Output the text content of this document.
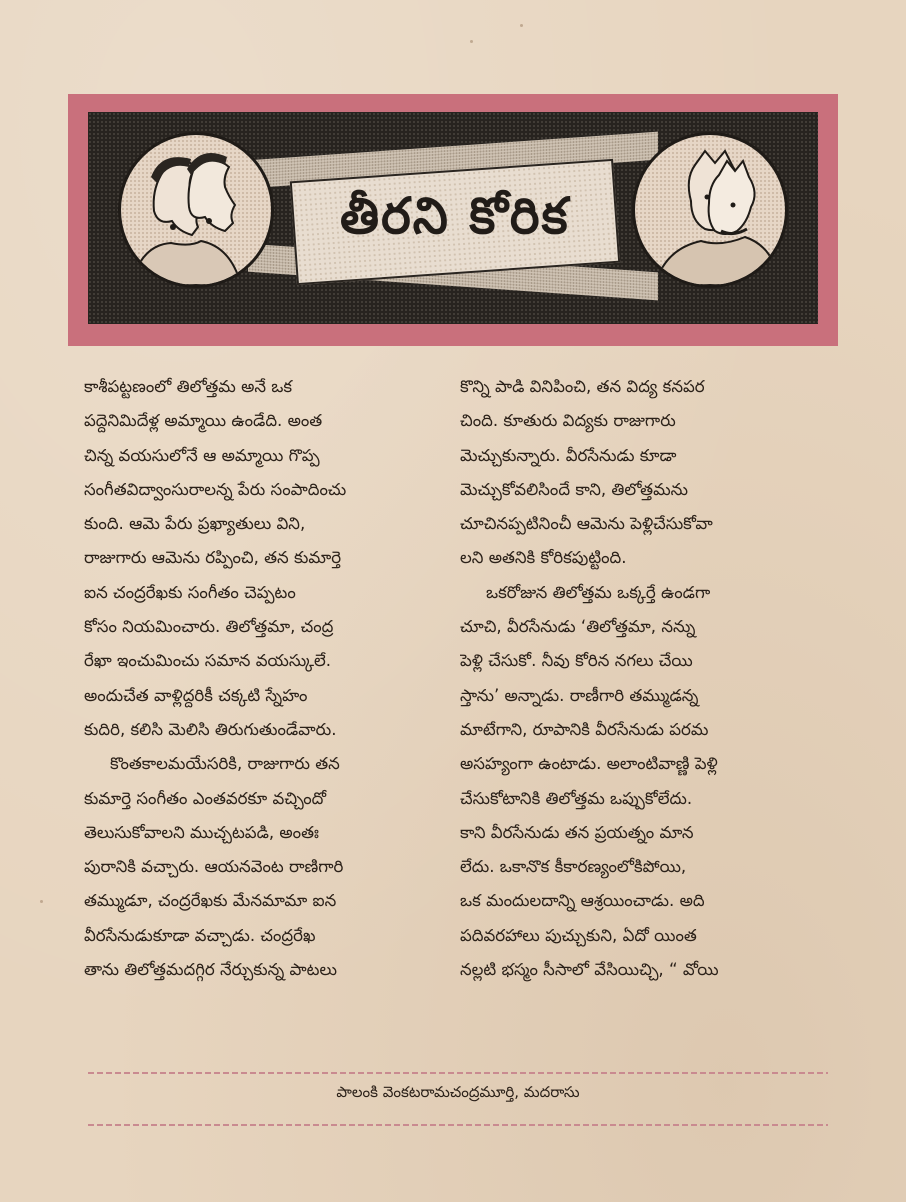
తీరని కోరిక
కాశీపట్టణంలో తిలోత్తమ అనే ఒక
పద్దెనిమిదేళ్ల అమ్మాయి ఉండేది. అంత
చిన్న వయసులోనే ఆ అమ్మాయి గొప్ప
సంగీతవిద్వాంసురాలన్న పేరు సంపాదించు
కుంది. ఆమె పేరు ప్రఖ్యాతులు విని,
రాజుగారు ఆమెను రప్పించి, తన కుమార్తె
ఐన చంద్రరేఖకు సంగీతం చెప్పటం
కోసం నియమించారు. తిలోత్తమా, చంద్ర
రేఖా ఇంచుమించు సమాన వయస్కులే.
అందుచేత వాళ్లిద్దరికీ చక్కటి స్నేహం
కుదిరి, కలిసి మెలిసి తిరుగుతుండేవారు.
కొంతకాలమయేసరికి, రాజుగారు తన
కుమార్తె సంగీతం ఎంతవరకూ వచ్చిందో
తెలుసుకోవాలని ముచ్చటపడి, అంతః
పురానికి వచ్చారు. ఆయనవెంట రాణిగారి
తమ్ముడూ, చంద్రరేఖకు మేనమామా ఐన
వీరసేనుడుకూడా వచ్చాడు. చంద్రరేఖ
తాను తిలోత్తమదగ్గిర నేర్చుకున్న పాటలు
కొన్ని పాడి వినిపించి, తన విద్య కనపర
చింది. కూతురు విద్యకు రాజుగారు
మెచ్చుకున్నారు. వీరసేనుడు కూడా
మెచ్చుకోవలిసిందే కాని, తిలోత్తమను
చూచినప్పటినించీ ఆమెను పెళ్లిచేసుకోవా
లని అతనికి కోరికపుట్టింది.
ఒకరోజున తిలోత్తమ ఒక్కర్తే ఉండగా
చూచి, వీరసేనుడు ‘తిలోత్తమా, నన్ను
పెళ్లి చేసుకో. నీవు కోరిన నగలు చేయి
స్తాను’ అన్నాడు. రాణీగారి తమ్ముడన్న
మాటేగాని, రూపానికి వీరసేనుడు పరమ
అసహ్యంగా ఉంటాడు. అలాంటివాణ్ణి పెళ్లి
చేసుకోటానికి తిలోత్తమ ఒప్పుకోలేదు.
కాని వీరసేనుడు తన ప్రయత్నం మాన
లేదు. ఒకానొక కీకారణ్యంలోకిపోయి,
ఒక మందులదాన్ని ఆశ్రయించాడు. అది
పదివరహాలు పుచ్చుకుని, ఏదో యింత
నల్లటి భస్మం సీసాలో వేసియిచ్చి, “ వోయి
పాలంకి వెంకటరామచంద్రమూర్తి, మదరాసు
